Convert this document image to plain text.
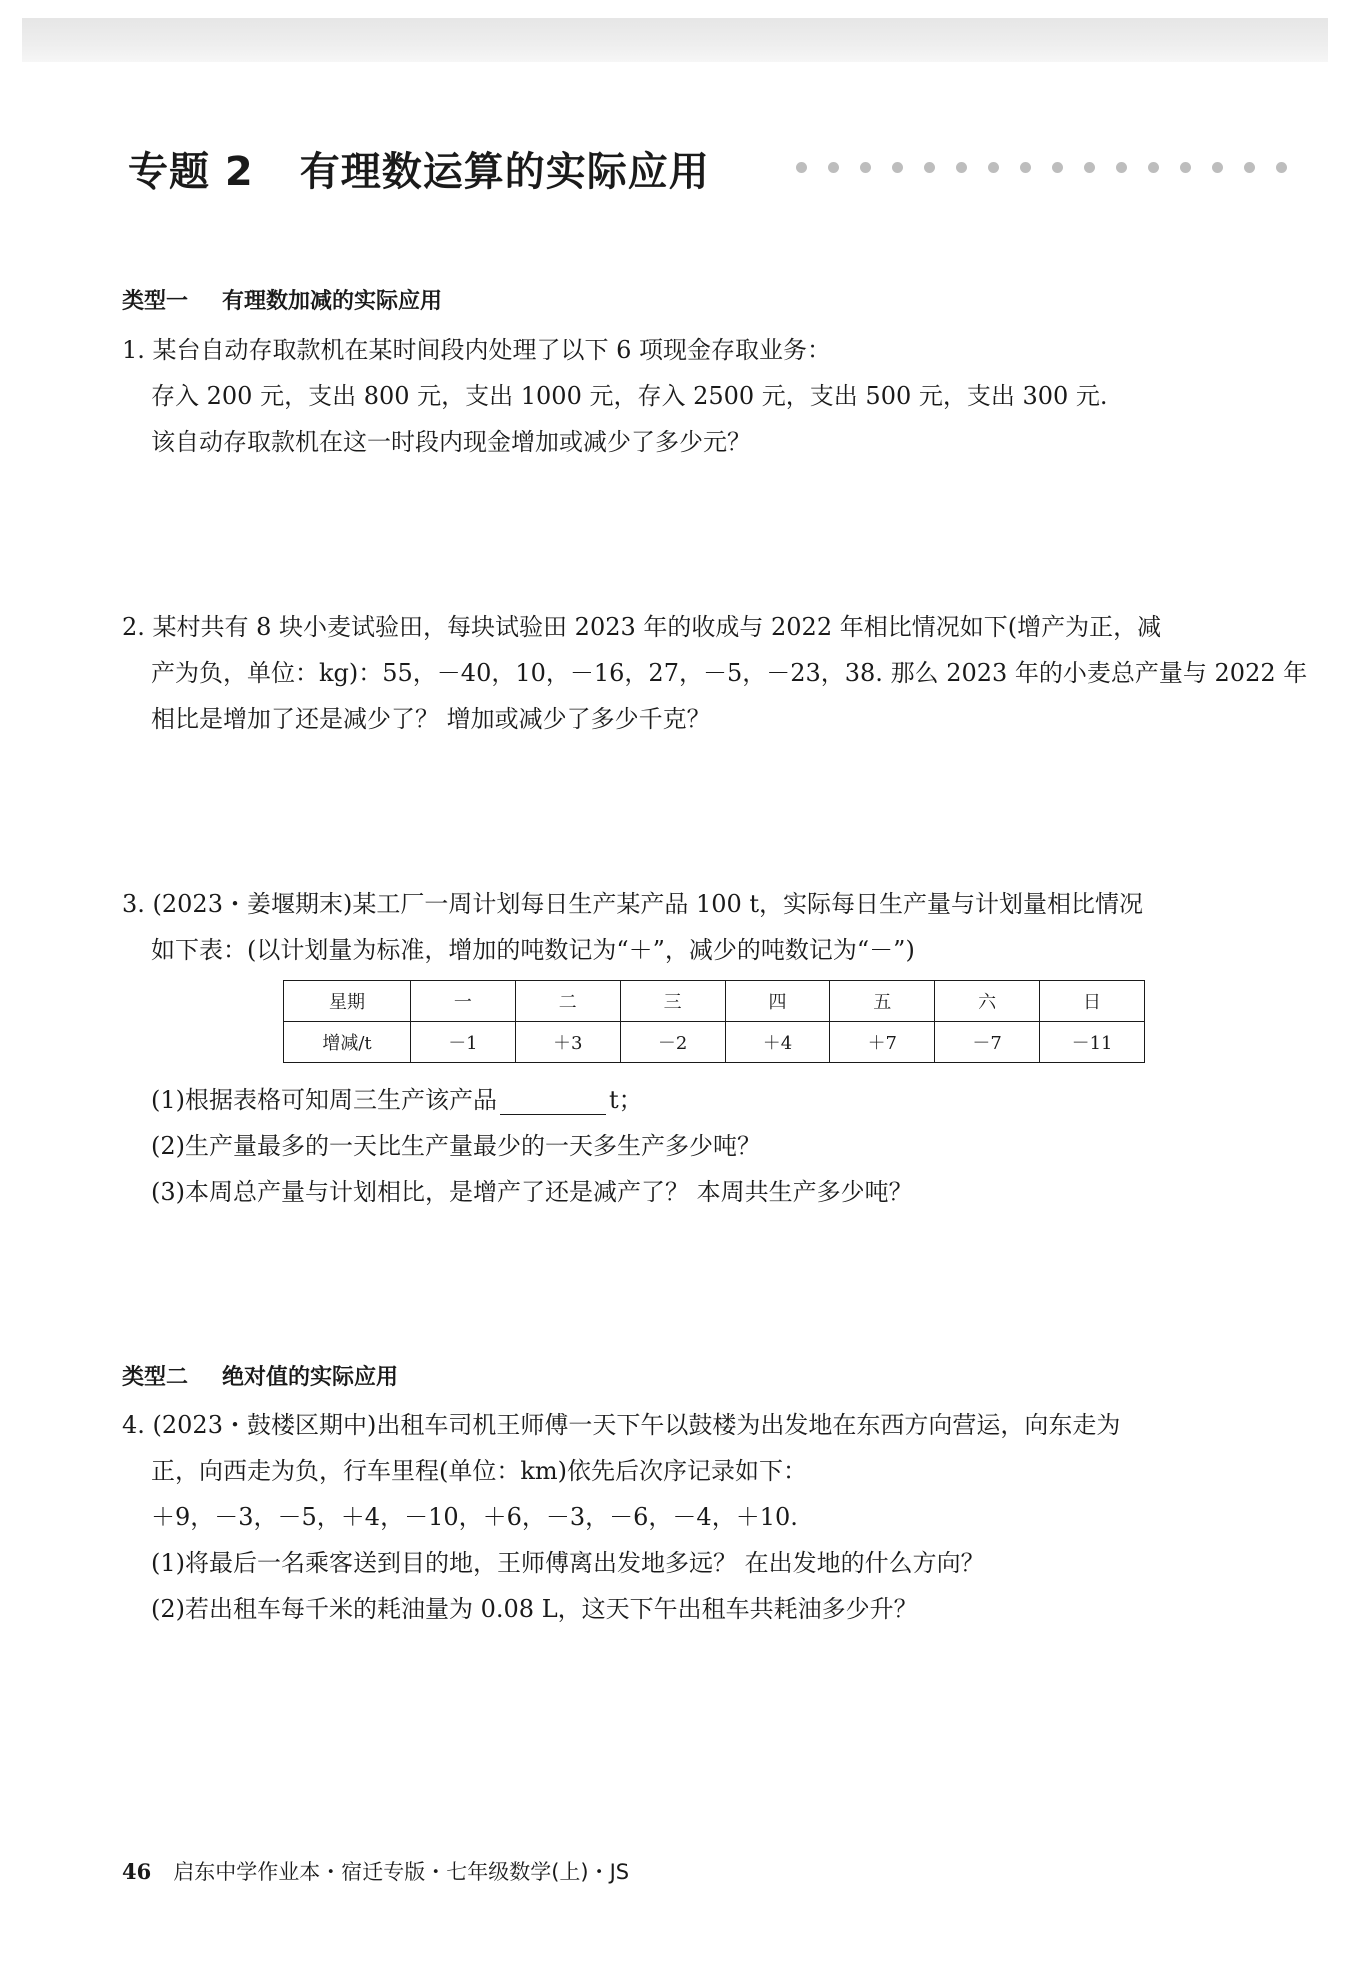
专题 2 有理数运算的实际应用
类型一 有理数加减的实际应用
1. 某台自动存取款机在某时间段内处理了以下 6 项现金存取业务：
存入 200 元，支出 800 元，支出 1000 元，存入 2500 元，支出 500 元，支出 300 元.
该自动存取款机在这一时段内现金增加或减少了多少元？
2. 某村共有 8 块小麦试验田，每块试验田 2023 年的收成与 2022 年相比情况如下(增产为正，减
产为负，单位：kg)：55，－40，10，－16，27，－5，－23，38. 那么 2023 年的小麦总产量与 2022 年
相比是增加了还是减少了？ 增加或减少了多少千克？
3. (2023・姜堰期末)某工厂一周计划每日生产某产品 100 t，实际每日生产量与计划量相比情况
如下表：(以计划量为标准，增加的吨数记为“＋”，减少的吨数记为“－”)
星期	一	二	三	四	五	六	日
增减/t	－1	＋3	－2	＋4	＋7	－7	－11
(1)根据表格可知周三生产该产品	t；
(2)生产量最多的一天比生产量最少的一天多生产多少吨？
(3)本周总产量与计划相比，是增产了还是减产了？ 本周共生产多少吨？
类型二 绝对值的实际应用
4. (2023・鼓楼区期中)出租车司机王师傅一天下午以鼓楼为出发地在东西方向营运，向东走为
正，向西走为负，行车里程(单位：km)依先后次序记录如下：
＋9，－3，－5，＋4，－10，＋6，－3，－6，－4，＋10.
(1)将最后一名乘客送到目的地，王师傅离出发地多远？ 在出发地的什么方向？
(2)若出租车每千米的耗油量为 0.08 L，这天下午出租车共耗油多少升？
46 启东中学作业本・宿迁专版・七年级数学(上)・JS
